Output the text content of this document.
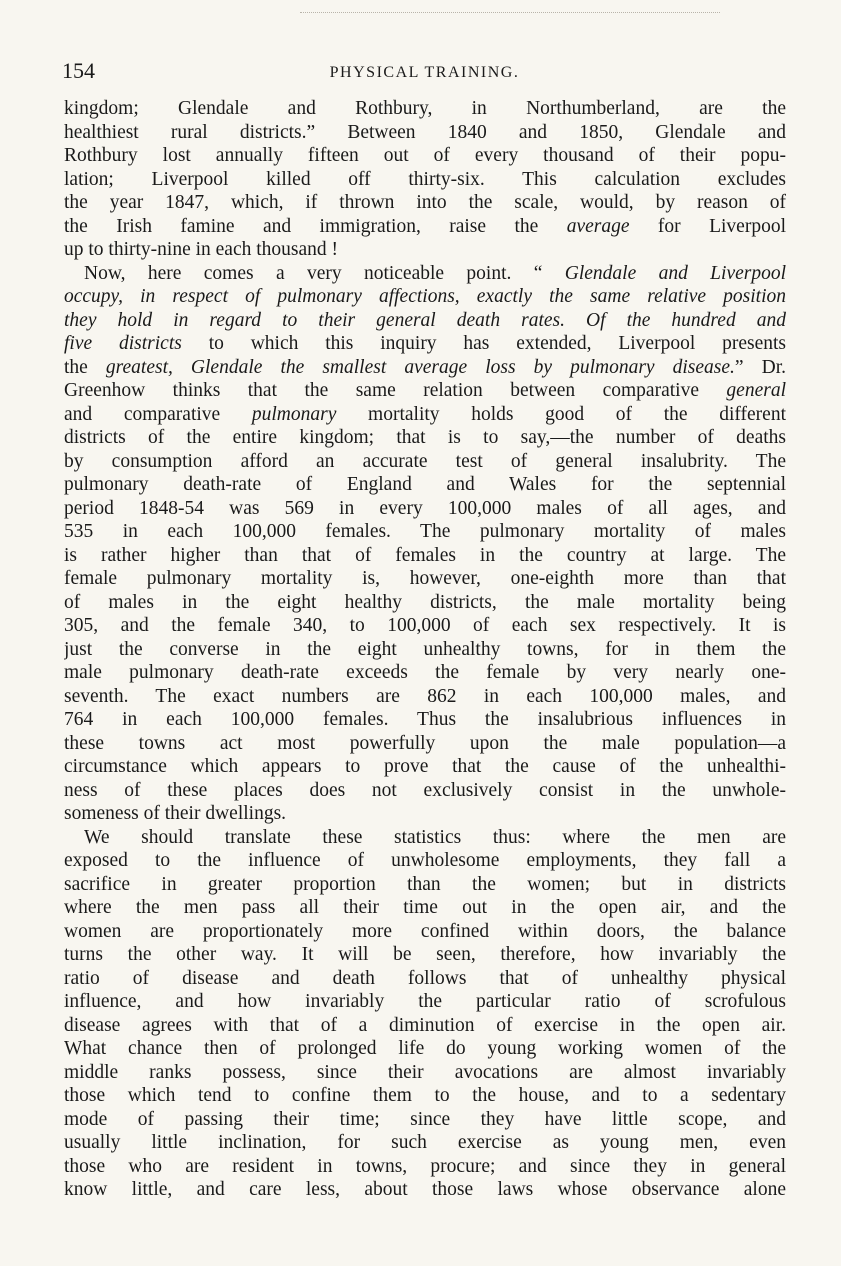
154	PHYSICAL TRAINING.
kingdom; Glendale and Rothbury, in Northumberland, are the
healthiest rural districts.” Between 1840 and 1850, Glendale and
Rothbury lost annually fifteen out of every thousand of their popu-
lation; Liverpool killed off thirty-six. This calculation excludes
the year 1847, which, if thrown into the scale, would, by reason of
the Irish famine and immigration, raise the average for Liverpool
up to thirty-nine in each thousand !
Now, here comes a very noticeable point. “ Glendale and Liverpool
occupy, in respect of pulmonary affections, exactly the same relative position
they hold in regard to their general death rates. Of the hundred and
five districts to which this inquiry has extended, Liverpool presents
the greatest, Glendale the smallest average loss by pulmonary disease.” Dr.
Greenhow thinks that the same relation between comparative general
and comparative pulmonary mortality holds good of the different
districts of the entire kingdom; that is to say,—the number of deaths
by consumption afford an accurate test of general insalubrity. The
pulmonary death-rate of England and Wales for the septennial
period 1848-54 was 569 in every 100,000 males of all ages, and
535 in each 100,000 females. The pulmonary mortality of males
is rather higher than that of females in the country at large. The
female pulmonary mortality is, however, one-eighth more than that
of males in the eight healthy districts, the male mortality being
305, and the female 340, to 100,000 of each sex respectively. It is
just the converse in the eight unhealthy towns, for in them the
male pulmonary death-rate exceeds the female by very nearly one-
seventh. The exact numbers are 862 in each 100,000 males, and
764 in each 100,000 females. Thus the insalubrious influences in
these towns act most powerfully upon the male population—a
circumstance which appears to prove that the cause of the unhealthi-
ness of these places does not exclusively consist in the unwhole-
someness of their dwellings.
We should translate these statistics thus: where the men are
exposed to the influence of unwholesome employments, they fall a
sacrifice in greater proportion than the women; but in districts
where the men pass all their time out in the open air, and the
women are proportionately more confined within doors, the balance
turns the other way. It will be seen, therefore, how invariably the
ratio of disease and death follows that of unhealthy physical
influence, and how invariably the particular ratio of scrofulous
disease agrees with that of a diminution of exercise in the open air.
What chance then of prolonged life do young working women of the
middle ranks possess, since their avocations are almost invariably
those which tend to confine them to the house, and to a sedentary
mode of passing their time; since they have little scope, and
usually little inclination, for such exercise as young men, even
those who are resident in towns, procure; and since they in general
know little, and care less, about those laws whose observance alone
